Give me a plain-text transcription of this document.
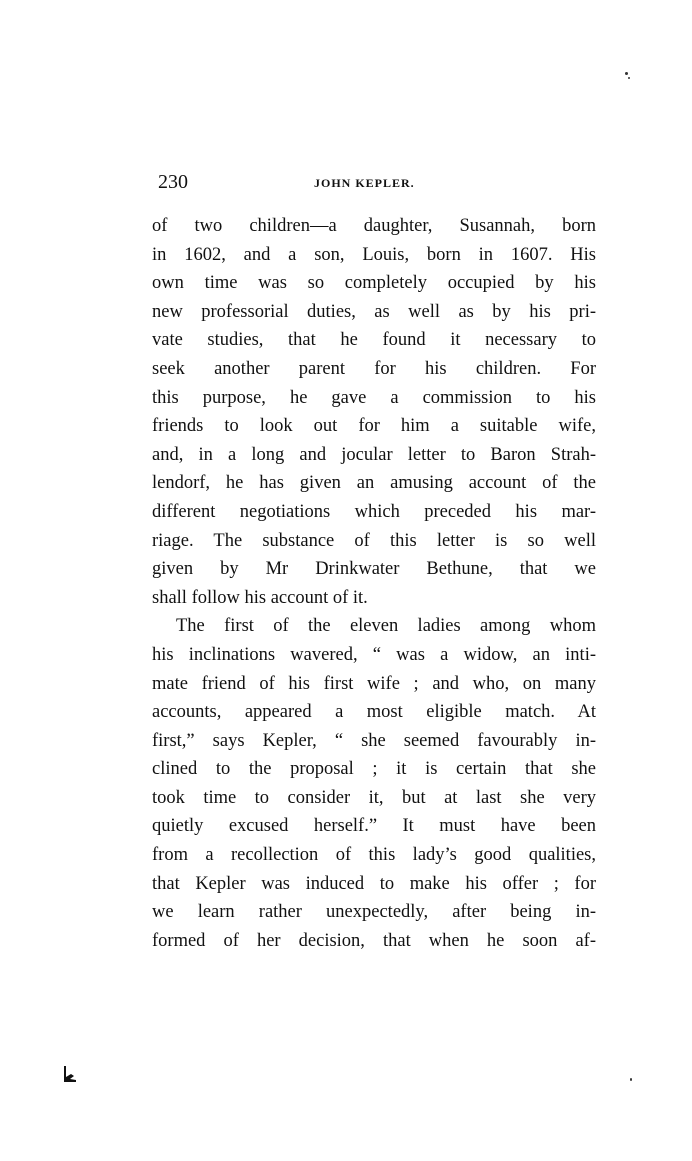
230	JOHN KEPLER.
of two children—a daughter, Susannah, born
in 1602, and a son, Louis, born in 1607. His
own time was so completely occupied by his
new professorial duties, as well as by his pri-
vate studies, that he found it necessary to
seek another parent for his children. For
this purpose, he gave a commission to his
friends to look out for him a suitable wife,
and, in a long and jocular letter to Baron Strah-
lendorf, he has given an amusing account of the
different negotiations which preceded his mar-
riage. The substance of this letter is so well
given by Mr Drinkwater Bethune, that we
shall follow his account of it.
The first of the eleven ladies among whom
his inclinations wavered, “ was a widow, an inti-
mate friend of his first wife ; and who, on many
accounts, appeared a most eligible match. At
first,” says Kepler, “ she seemed favourably in-
clined to the proposal ; it is certain that she
took time to consider it, but at last she very
quietly excused herself.” It must have been
from a recollection of this lady’s good qualities,
that Kepler was induced to make his offer ; for
we learn rather unexpectedly, after being in-
formed of her decision, that when he soon af-
